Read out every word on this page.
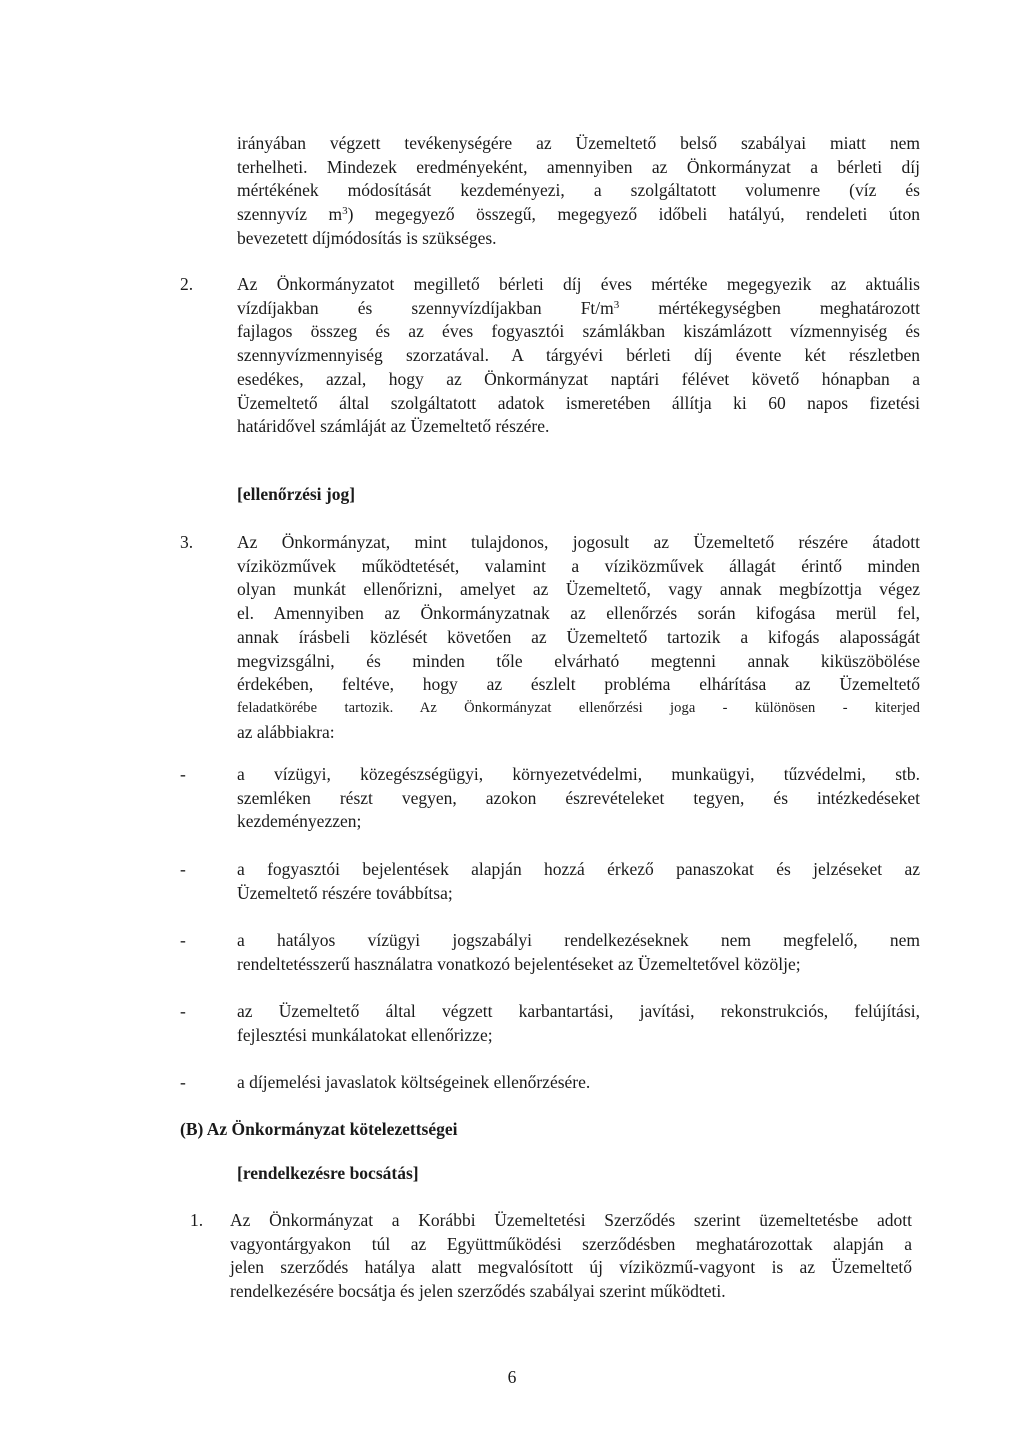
irányában végzett tevékenységére az Üzemeltető belső szabályai miatt nem
terhelheti. Mindezek eredményeként, amennyiben az Önkormányzat a bérleti díj
mértékének módosítását kezdeményezi, a szolgáltatott volumenre (víz és
szennyvíz $m^3$) megegyező összegű, megegyező időbeli hatályú, rendeleti úton
bevezetett díjmódosítás is szükséges.
2.	Az Önkormányzatot megillető bérleti díj éves mértéke megegyezik az aktuális
vízdíjakban és szennyvízdíjakban $Ft/m^3$ mértékegységben meghatározott
fajlagos összeg és az éves fogyasztói számlákban kiszámlázott vízmennyiség és
szennyvízmennyiség szorzatával. A tárgyévi bérleti díj évente két részletben
esedékes, azzal, hogy az Önkormányzat naptári félévet követő hónapban a
Üzemeltető által szolgáltatott adatok ismeretében állítja ki 60 napos fizetési
határidővel számláját az Üzemeltető részére.
[ellenőrzési jog]
3.	Az Önkormányzat, mint tulajdonos, jogosult az Üzemeltető részére átadott
víziközművek működtetését, valamint a víziközművek állagát érintő minden
olyan munkát ellenőrizni, amelyet az Üzemeltető, vagy annak megbízottja végez
el. Amennyiben az Önkormányzatnak az ellenőrzés során kifogása merül fel,
annak írásbeli közlését követően az Üzemeltető tartozik a kifogás alaposságát
megvizsgálni, és minden tőle elvárható megtenni annak kiküszöbölése
érdekében, feltéve, hogy az észlelt probléma elhárítása az Üzemeltető
feladatkörébe tartozik. Az Önkormányzat ellenőrzési joga - különösen - kiterjed
az alábbiakra:
-	a vízügyi, közegészségügyi, környezetvédelmi, munkaügyi, tűzvédelmi, stb.
szemléken részt vegyen, azokon észrevételeket tegyen, és intézkedéseket
kezdeményezzen;
-	a fogyasztói bejelentések alapján hozzá érkező panaszokat és jelzéseket az
Üzemeltető részére továbbítsa;
-	a hatályos vízügyi jogszabályi rendelkezéseknek nem megfelelő, nem
rendeltetésszerű használatra vonatkozó bejelentéseket az Üzemeltetővel közölje;
-	az Üzemeltető által végzett karbantartási, javítási, rekonstrukciós, felújítási,
fejlesztési munkálatokat ellenőrizze;
-	a díjemelési javaslatok költségeinek ellenőrzésére.
(B) Az Önkormányzat kötelezettségei
[rendelkezésre bocsátás]
1. Az Önkormányzat a Korábbi Üzemeltetési Szerződés szerint üzemeltetésbe adott
vagyontárgyakon túl az Együttműködési szerződésben meghatározottak alapján a
jelen szerződés hatálya alatt megvalósított új víziközmű-vagyont is az Üzemeltető
rendelkezésére bocsátja és jelen szerződés szabályai szerint működteti.
6
